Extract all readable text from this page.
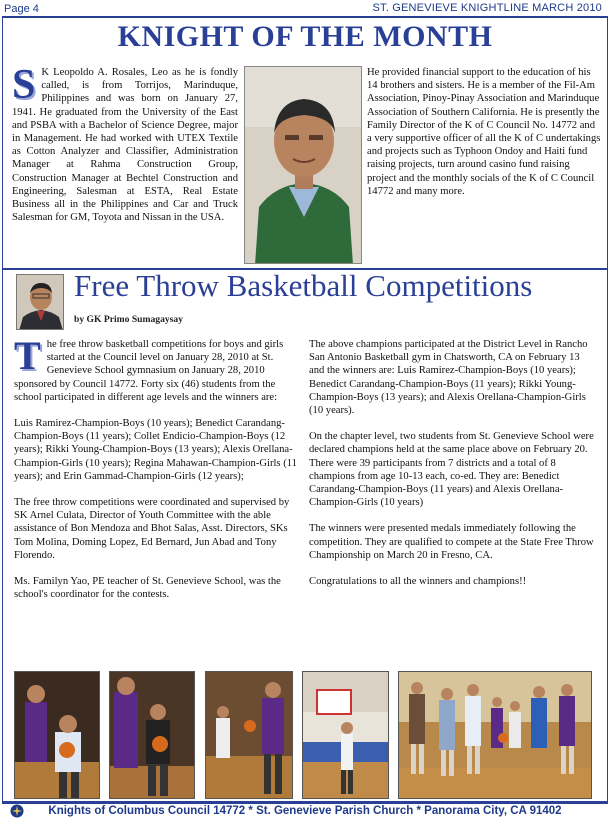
Page 4	ST. GENEVIEVE KNIGHTLINE MARCH 2010
KNIGHT OF THE MONTH
S K Leopoldo A. Rosales, Leo as he is fondly called, is from Torrijos, Marinduque, Philippines and was born on January 27, 1941. He graduated from the University of the East and PSBA with a Bachelor of Science Degree, major in Management. He had worked with UTEX Textile as Cotton Analyzer and Classifier, Administration Manager at Rahma Construction Group, Construction Manager at Bechtel Construction and Engineering, Salesman at ESTA, Real Estate Business all in the Philippines and Car and Truck Salesman for GM, Toyota and Nissan in the USA.
He provided financial support to the education of his 14 brothers and sisters. He is a member of the Fil-Am Association, Pinoy-Pinay Association and Marinduque Association of Southern California. He is presently the Family Director of the K of C Council No. 14772 and a very supportive officer of all the K of C undertakings and projects such as Typhoon Ondoy and Haiti fund raising projects, turn around casino fund raising project and the monthly socials of the K of C Council 14772 and many more.
Free Throw Basketball Competitions
by GK Primo Sumagaysay

T he free throw basketball competitions for boys and girls started at the Council level on January 28, 2010 at St. Genevieve School gymnasium on January 28, 2010 sponsored by Council 14772. Forty six (46) students from the school participated in different age levels and the winners are:

Luis Ramirez-Champion-Boys (10 years); Benedict Carandang-Champion-Boys (11 years); Collet Endicio-Champion-Boys (12 years); Rikki Young-Champion-Boys (13 years); Alexis Orellana-Champion-Girls (10 years); Regina Mahawan-Champion-Girls (11 years); and Erin Gammad-Champion-Girls (12 years);

The free throw competitions were coordinated and supervised by SK Arnel Culata, Director of Youth Committee with the able assistance of Bon Mendoza and Bhot Salas, Asst. Directors, SKs Tom Molina, Doming Lopez, Ed Bernard, Jun Abad and Tony Florendo.

Ms. Familyn Yao, PE teacher of St. Genevieve School, was the school's coordinator for the contests.

The above champions participated at the District Level in Rancho San Antonio Basketball gym in Chatsworth, CA on February 13 and the winners are: Luis Ramirez-Champion-Boys (10 years); Benedict Carandang-Champion-Boys (11 years); Rikki Young-Champion-Boys (13 years); and Alexis Orellana-Champion-Girls (10 years).

On the chapter level, two students from St. Genevieve School were declared champions held at the same place above on February 20. There were 39 participants from 7 districts and a total of 8 champions from age 10-13 each, co-ed. They are: Benedict Carandang-Champion-Boys (11 years) and Alexis Orellana-Champion-Girls (10 years)

The winners were presented medals immediately following the competition. They are qualified to compete at the State Free Throw Championship on March 20 in Fresno, CA.

Congratulations to all the winners and champions!!

Knights of Columbus Council 14772 * St. Genevieve Parish Church * Panorama City, CA 91402
